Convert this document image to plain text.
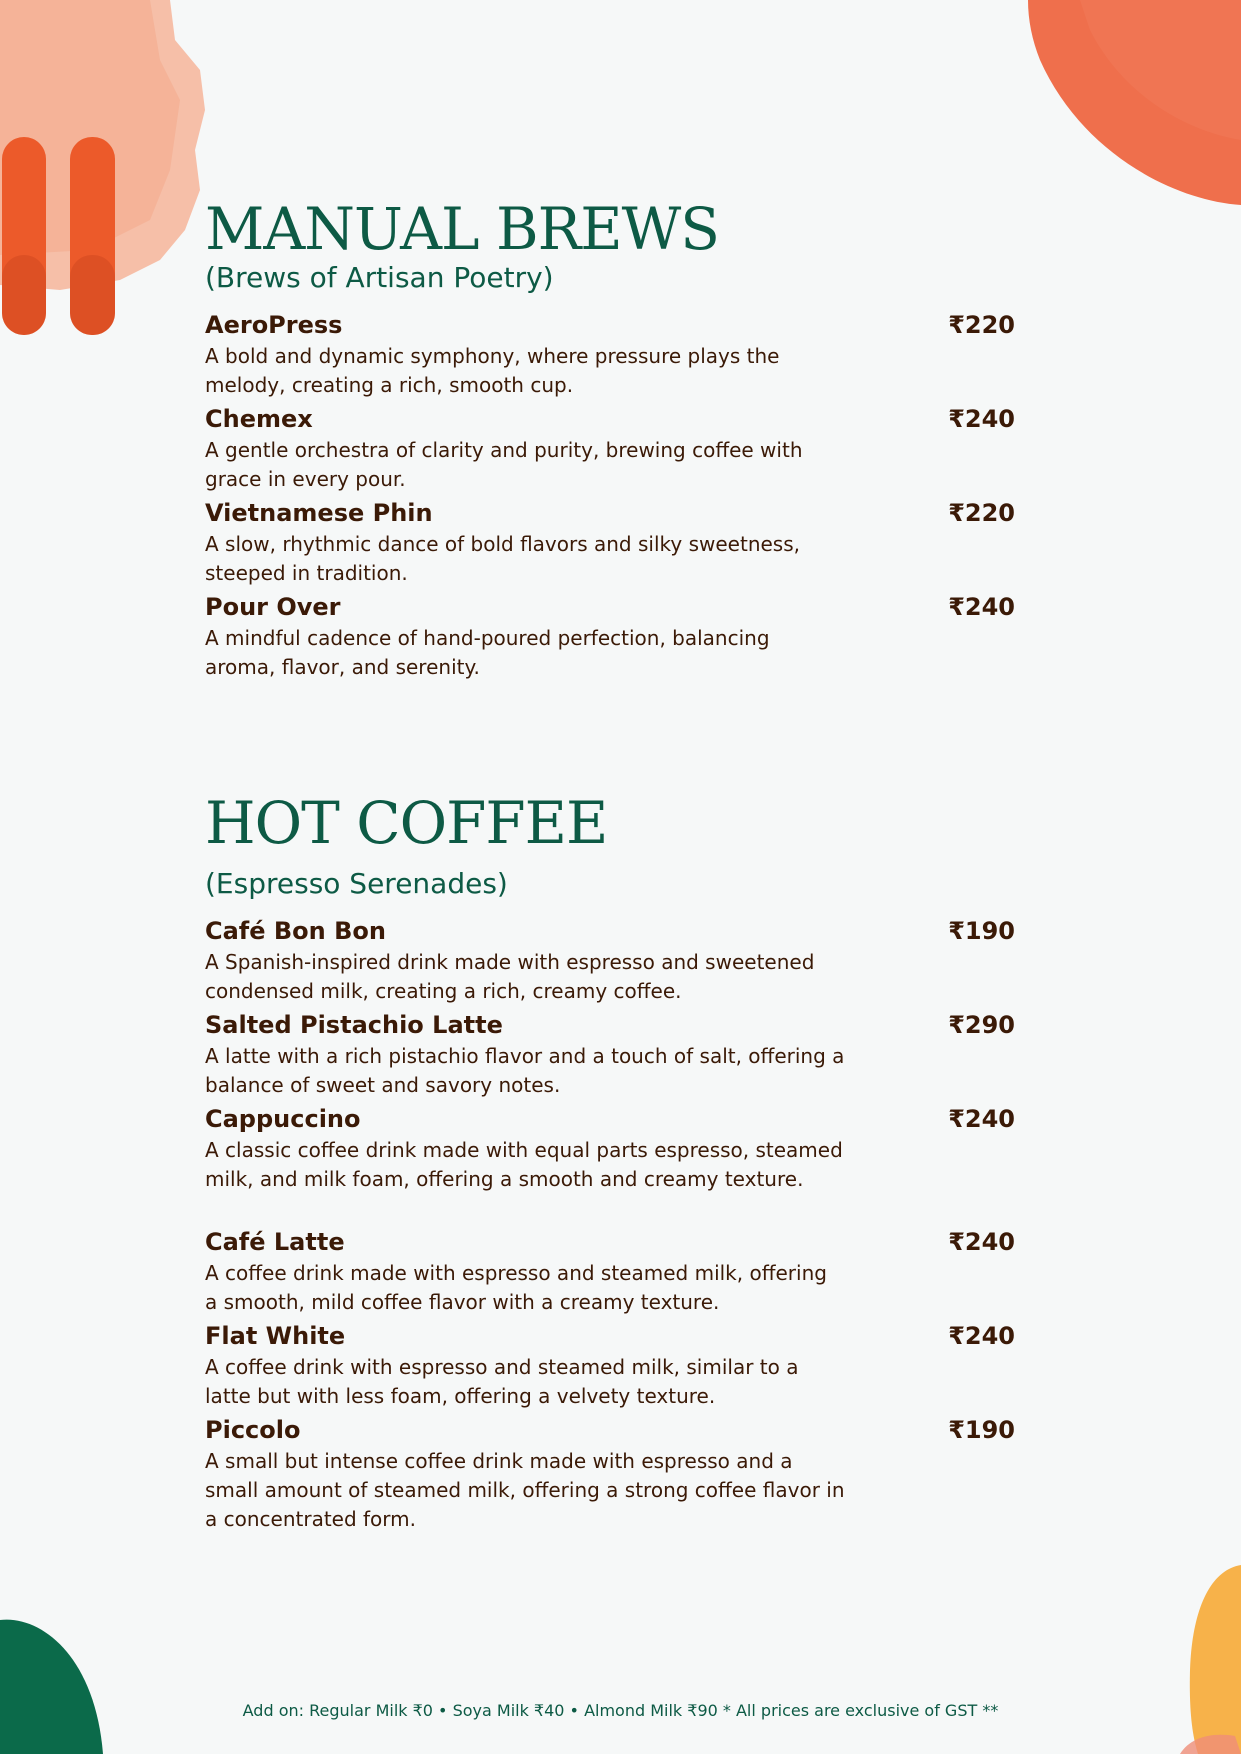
MANUAL BREWS

(Brews of Artisan Poetry)

AeroPress	₹220
A bold and dynamic symphony, where pressure plays the melody, creating a rich, smooth cup.
Chemex	₹240
A gentle orchestra of clarity and purity, brewing coffee with grace in every pour.
Vietnamese Phin	₹220
A slow, rhythmic dance of bold flavors and silky sweetness, steeped in tradition.
Pour Over	₹240
A mindful cadence of hand-poured perfection, balancing aroma, flavor, and serenity.
HOT COFFEE

(Espresso Serenades)

Café Bon Bon	₹190
A Spanish-inspired drink made with espresso and sweetened condensed milk, creating a rich, creamy coffee.
Salted Pistachio Latte	₹290
A latte with a rich pistachio flavor and a touch of salt, offering a balance of sweet and savory notes.
Cappuccino	₹240
A classic coffee drink made with equal parts espresso, steamed milk, and milk foam, offering a smooth and creamy texture.
Café Latte	₹240
A coffee drink made with espresso and steamed milk, offering a smooth, mild coffee flavor with a creamy texture.
Flat White	₹240
A coffee drink with espresso and steamed milk, similar to a latte but with less foam, offering a velvety texture.
Piccolo	₹190
A small but intense coffee drink made with espresso and a small amount of steamed milk, offering a strong coffee flavor in a concentrated form.
Add on: Regular Milk ₹0 • Soya Milk ₹40 • Almond Milk ₹90 * All prices are exclusive of GST **
